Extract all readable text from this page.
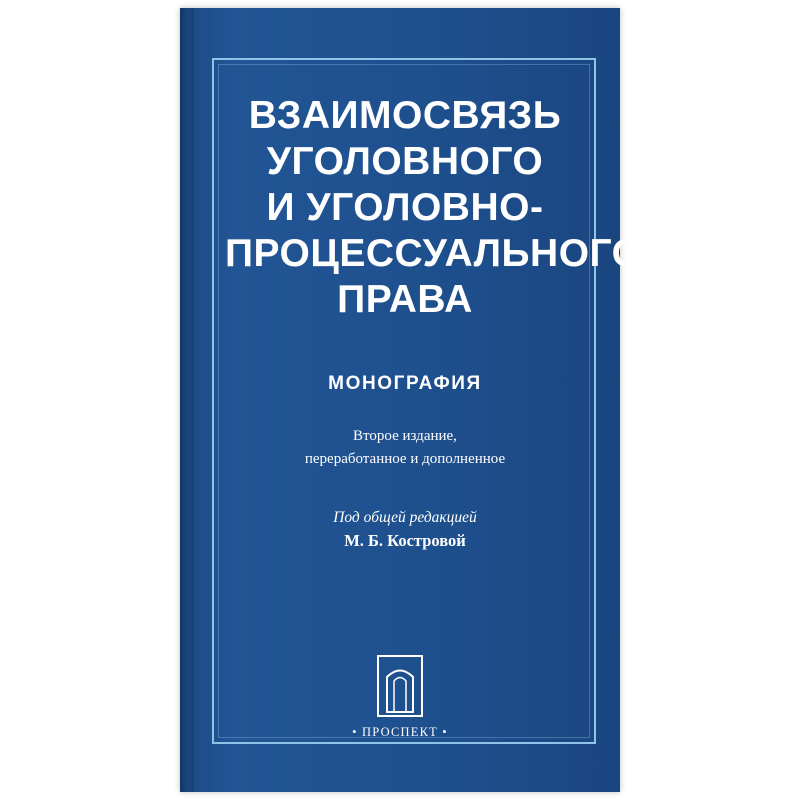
ВЗАИМОСВЯЗЬ
УГОЛОВНОГО
И УГОЛОВНО-
ПРОЦЕССУАЛЬНОГО
ПРАВА
МОНОГРАФИЯ
Второе издание,
переработанное и дополненное
Под общей редакцией
М. Б. Костровой
• ПРОСПЕКТ •
